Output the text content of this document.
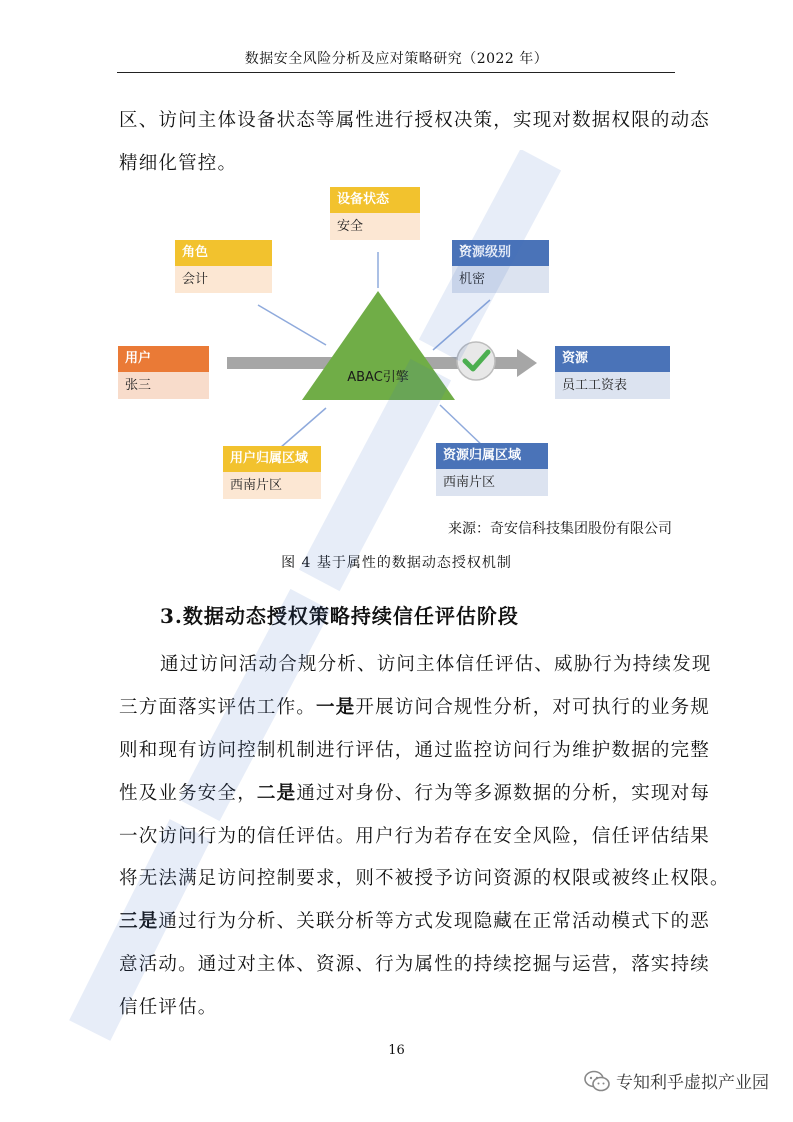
数据安全风险分析及应对策略研究（2022 年）
区、访问主体设备状态等属性进行授权决策，实现对数据权限的动态
精细化管控。
设备状态
安全
角色
会计
资源级别
机密
用户
张三
资源
员工工资表
用户归属区域
西南片区
资源归属区域
西南片区
ABAC引擎
来源：奇安信科技集团股份有限公司
图 4 基于属性的数据动态授权机制
3.数据动态授权策略持续信任评估阶段
通过访问活动合规分析、访问主体信任评估、威胁行为持续发现
三方面落实评估工作。一是开展访问合规性分析，对可执行的业务规
则和现有访问控制机制进行评估，通过监控访问行为维护数据的完整
性及业务安全，二是通过对身份、行为等多源数据的分析，实现对每
一次访问行为的信任评估。用户行为若存在安全风险，信任评估结果
将无法满足访问控制要求，则不被授予访问资源的权限或被终止权限。
三是通过行为分析、关联分析等方式发现隐藏在正常活动模式下的恶
意活动。通过对主体、资源、行为属性的持续挖掘与运营，落实持续
信任评估。
16
专知利乎虚拟产业园
